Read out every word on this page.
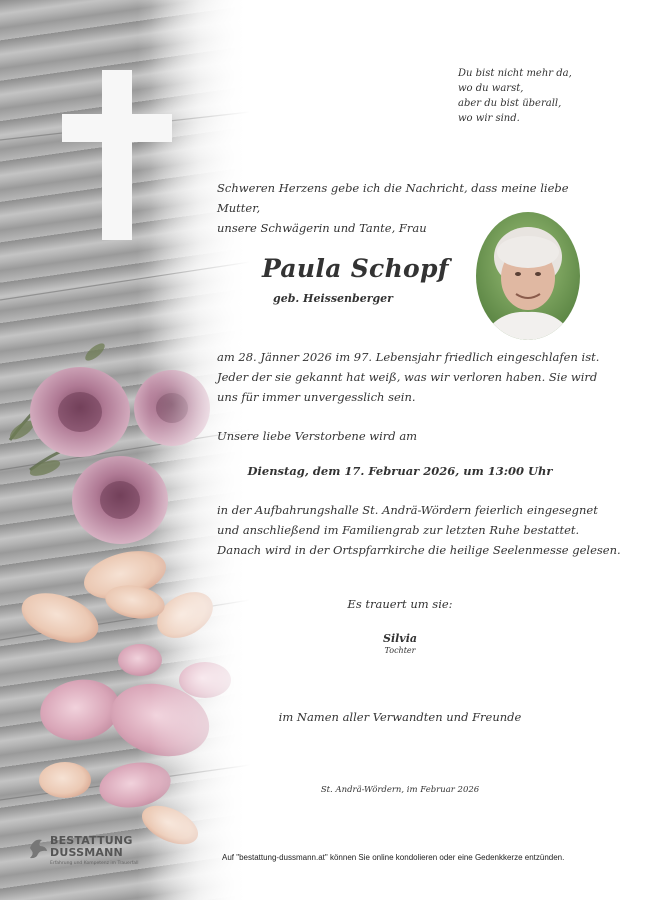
Du bist nicht mehr da,
wo du warst,
aber du bist überall,
wo wir sind.
Schweren Herzens gebe ich die Nachricht, dass meine liebe Mutter,
unsere Schwägerin und Tante, Frau
Paula Schopf
geb. Heissenberger
am 28. Jänner 2026 im 97. Lebensjahr friedlich eingeschlafen ist.
Jeder der sie gekannt hat weiß, was wir verloren haben. Sie wird
uns für immer unvergesslich sein.
Unsere liebe Verstorbene wird am
Dienstag, dem 17. Februar 2026, um 13:00 Uhr
in der Aufbahrungshalle St. Andrä-Wördern feierlich eingesegnet
und anschließend im Familiengrab zur letzten Ruhe bestattet.
Danach wird in der Ortspfarrkirche die heilige Seelenmesse gelesen.
Es trauert um sie:
Silvia
Tochter
im Namen aller Verwandten und Freunde
St. Andrä-Wördern, im Februar 2026
BESTATTUNG
DUSSMANN
Erfahrung und Kompetenz im Trauerfall
Auf "bestattung-dussmann.at" können Sie online kondolieren oder eine Gedenkkerze entzünden.
